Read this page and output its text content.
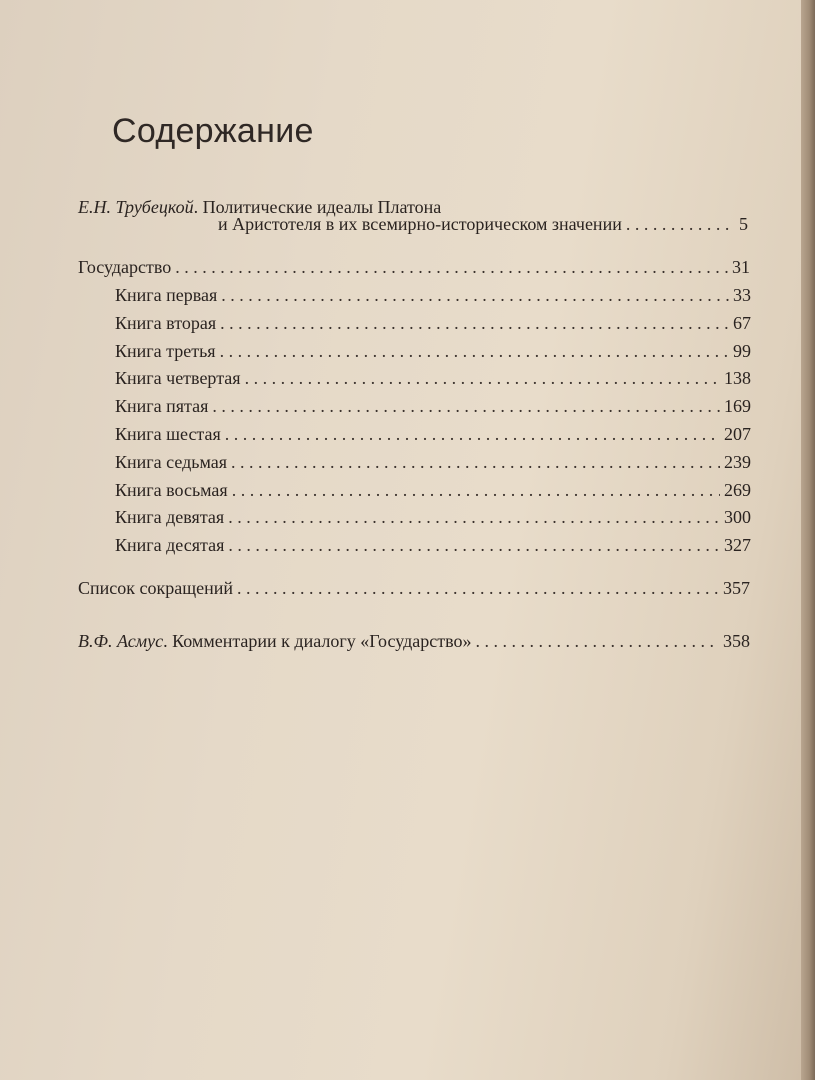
Содержание
Е.Н. Трубецкой. Политические идеалы Платона
и Аристотеля в их всемирно-историческом значении . . .	5
Государство . . .	31
Книга первая . . .	33
Книга вторая . . .	67
Книга третья . . .	99
Книга четвертая . . .	138
Книга пятая . . .	169
Книга шестая . . .	207
Книга седьмая . . .	239
Книга восьмая . . .	269
Книга девятая . . .	300
Книга десятая . . .	327
Список сокращений . . .	357
В.Ф. Асмус . Комментарии к диалогу «Государство» . . .	358
